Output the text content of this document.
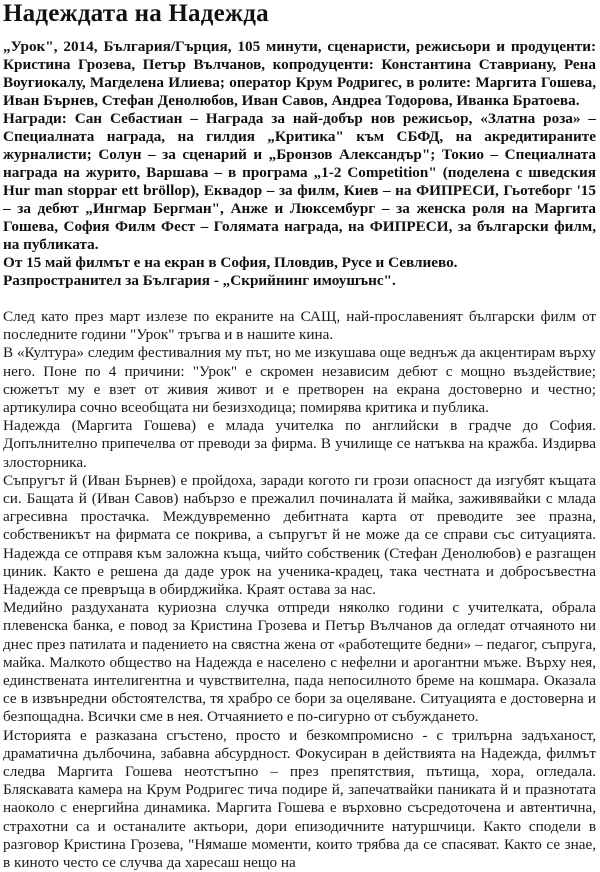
Надеждата на Надежда

„Урок", 2014, България/Гърция, 105 минути, сценаристи, режисьори и продуценти: Кристина Грозева, Петър Вълчанов, копродуценти: Константина Ставриану, Рена Воугиокалу, Магделена Илиева; оператор Крум Родригес, в ролите: Маргита Гошева, Иван Бърнев, Стефан Денолюбов, Иван Савов, Андреа Тодорова, Иванка Братоева.

Награди: Сан Себастиан – Награда за най-добър нов режисьор, «Златна роза» – Специалната награда, на гилдия „Критика" към СБФД, на акредитираните журналисти; Солун – за сценарий и „Бронзов Александър"; Токио – Специалната награда на журито, Варшава – в програма „1-2 Competition" (поделена с шведския Hur man stoppar ett bröllop), Еквадор – за филм, Киев – на ФИПРЕСИ, Гьотеборг '15 – за дебют „Ингмар Бергман", Анже и Люксембург – за женска роля на Маргита Гошева, София Филм Фест – Голямата награда, на ФИПРЕСИ, за български филм, на публиката.

От 15 май филмът е на екран в София, Пловдив, Русе и Севлиево.

Разпространител за България - „Скрийнинг имоушънс".

След като през март излезе по екраните на САЩ, най-прославеният български филм от последните години "Урок" тръгва и в нашите кина.

В «Култура» следим фестивалния му път, но ме изкушава още веднъж да акцентирам върху него. Поне по 4 причини: "Урок" е скромен независим дебют с мощно въздействие; сюжетът му е взет от живия живот и е претворен на екрана достоверно и честно; артикулира сочно всеобщата ни безизходица; помирява критика и публика.

Надежда (Маргита Гошева) е млада учителка по английски в градче до София. Допълнително припечелва от преводи за фирма. В училище се натъква на кражба. Издирва злосторника.

Съпругът й (Иван Бърнев) е пройдоха, заради когото ги грози опасност да изгубят къщата си. Бащата й (Иван Савов) набързо е прежалил починалата й майка, заживявайки с млада агресивна простачка. Междувременно дебитната карта от преводите зее празна, собственикът на фирмата се покрива, а съпругът й не може да се справи със ситуацията. Надежда се отправя към заложна къща, чийто собственик (Стефан Денолюбов) е разгащен циник. Както е решена да даде урок на ученика-крадец, така честната и добросъвестна Надежда се превръща в обирджийка. Краят остава за нас.

Медийно раздуханата куриозна случка отпреди няколко години с учителката, обрала плевенска банка, е повод за Кристина Грозева и Петър Вълчанов да огледат отчаяното ни днес през патилата и падението на свястна жена от «работещите бедни» – педагог, съпруга, майка. Малкото общество на Надежда е населено с нефелни и арогантни мъже. Върху нея, единствената интелигентна и чувствителна, пада непосилното бреме на кошмара. Оказала се в извънредни обстоятелства, тя храбро се бори за оцеляване. Ситуацията е достоверна и безпощадна. Всички сме в нея. Отчаянието е по-сигурно от събуждането.

Историята е разказана сгъстено, просто и безкомпромисно - с трилърна задъханост, драматична дълбочина, забавна абсурдност. Фокусиран в действията на Надежда, филмът следва Маргита Гошева неотстъпно – през препятствия, пътища, хора, огледала. Бляскавата камера на Крум Родригес тича подире й, запечатвайки паниката й и празнотата наоколо с енергийна динамика. Маргита Гошева е върховно съсредоточена и автентична, страхотни са и останалите актьори, дори епизодичните натуршчици. Както сподели в разговор Кристина Грозева, "Нямаше моменти, които трябва да се спасяват. Както се знае, в киното често се случва да харесаш нещо на
